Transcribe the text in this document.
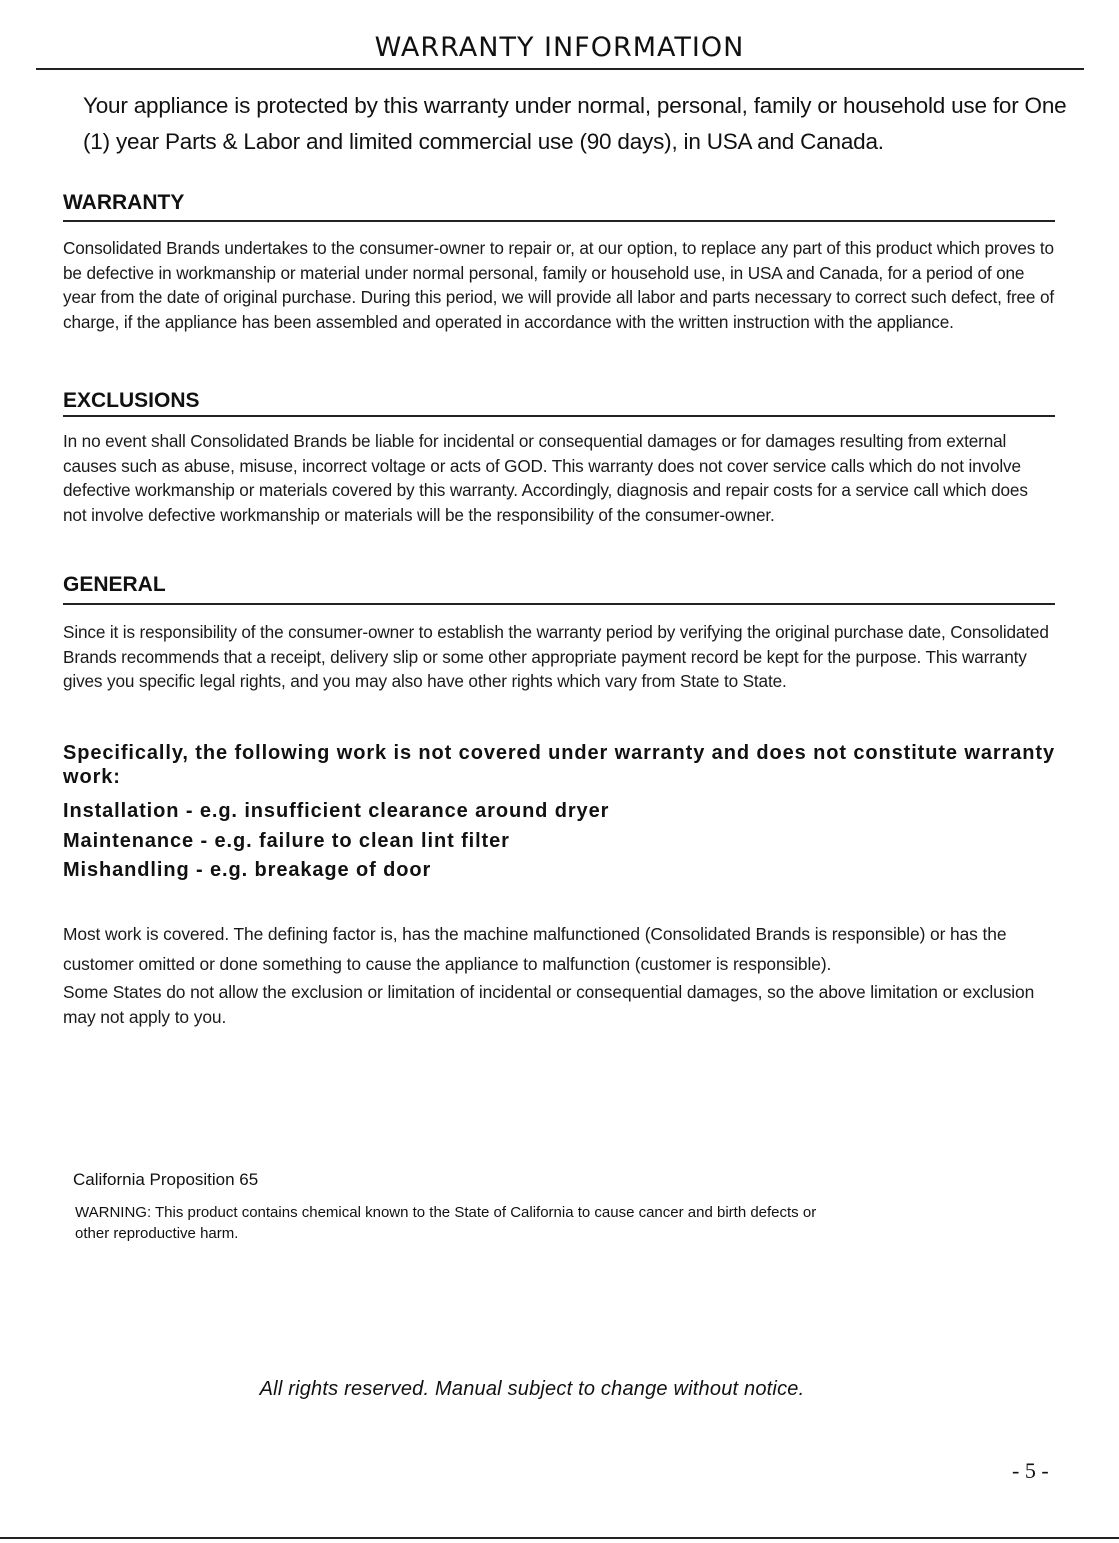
WARRANTY INFORMATION

Your appliance is protected by this warranty under normal, personal, family or household use for One (1) year Parts & Labor and limited commercial use (90 days), in USA and Canada.

WARRANTY

Consolidated Brands undertakes to the consumer-owner to repair or, at our option, to replace any part of this product which proves to be defective in workmanship or material under normal personal, family or household use, in USA and Canada, for a period of one year from the date of original purchase. During this period, we will provide all labor and parts necessary to correct such defect, free of charge, if the appliance has been assembled and operated in accordance with the written instruction with the appliance.

EXCLUSIONS

In no event shall Consolidated Brands be liable for incidental or consequential damages or for damages resulting from external causes such as abuse, misuse, incorrect voltage or acts of GOD. This warranty does not cover service calls which do not involve defective workmanship or materials covered by this warranty. Accordingly, diagnosis and repair costs for a service call which does not involve defective workmanship or materials will be the responsibility of the consumer-owner.

GENERAL

Since it is responsibility of the consumer-owner to establish the warranty period by verifying the original purchase date, Consolidated Brands recommends that a receipt, delivery slip or some other appropriate payment record be kept for the purpose. This warranty gives you specific legal rights, and you may also have other rights which vary from State to State.

Specifically, the following work is not covered under warranty and does not constitute warranty work:

Installation - e.g. insufficient clearance around dryer
Maintenance - e.g. failure to clean lint filter
Mishandling - e.g. breakage of door

Most work is covered. The defining factor is, has the machine malfunctioned (Consolidated Brands is responsible) or has the customer omitted or done something to cause the appliance to malfunction (customer is responsible).

Some States do not allow the exclusion or limitation of incidental or consequential damages, so the above limitation or exclusion may not apply to you.

California Proposition 65

WARNING: This product contains chemical known to the State of California to cause cancer and birth defects or other reproductive harm.

All rights reserved. Manual subject to change without notice.

- 5 -
